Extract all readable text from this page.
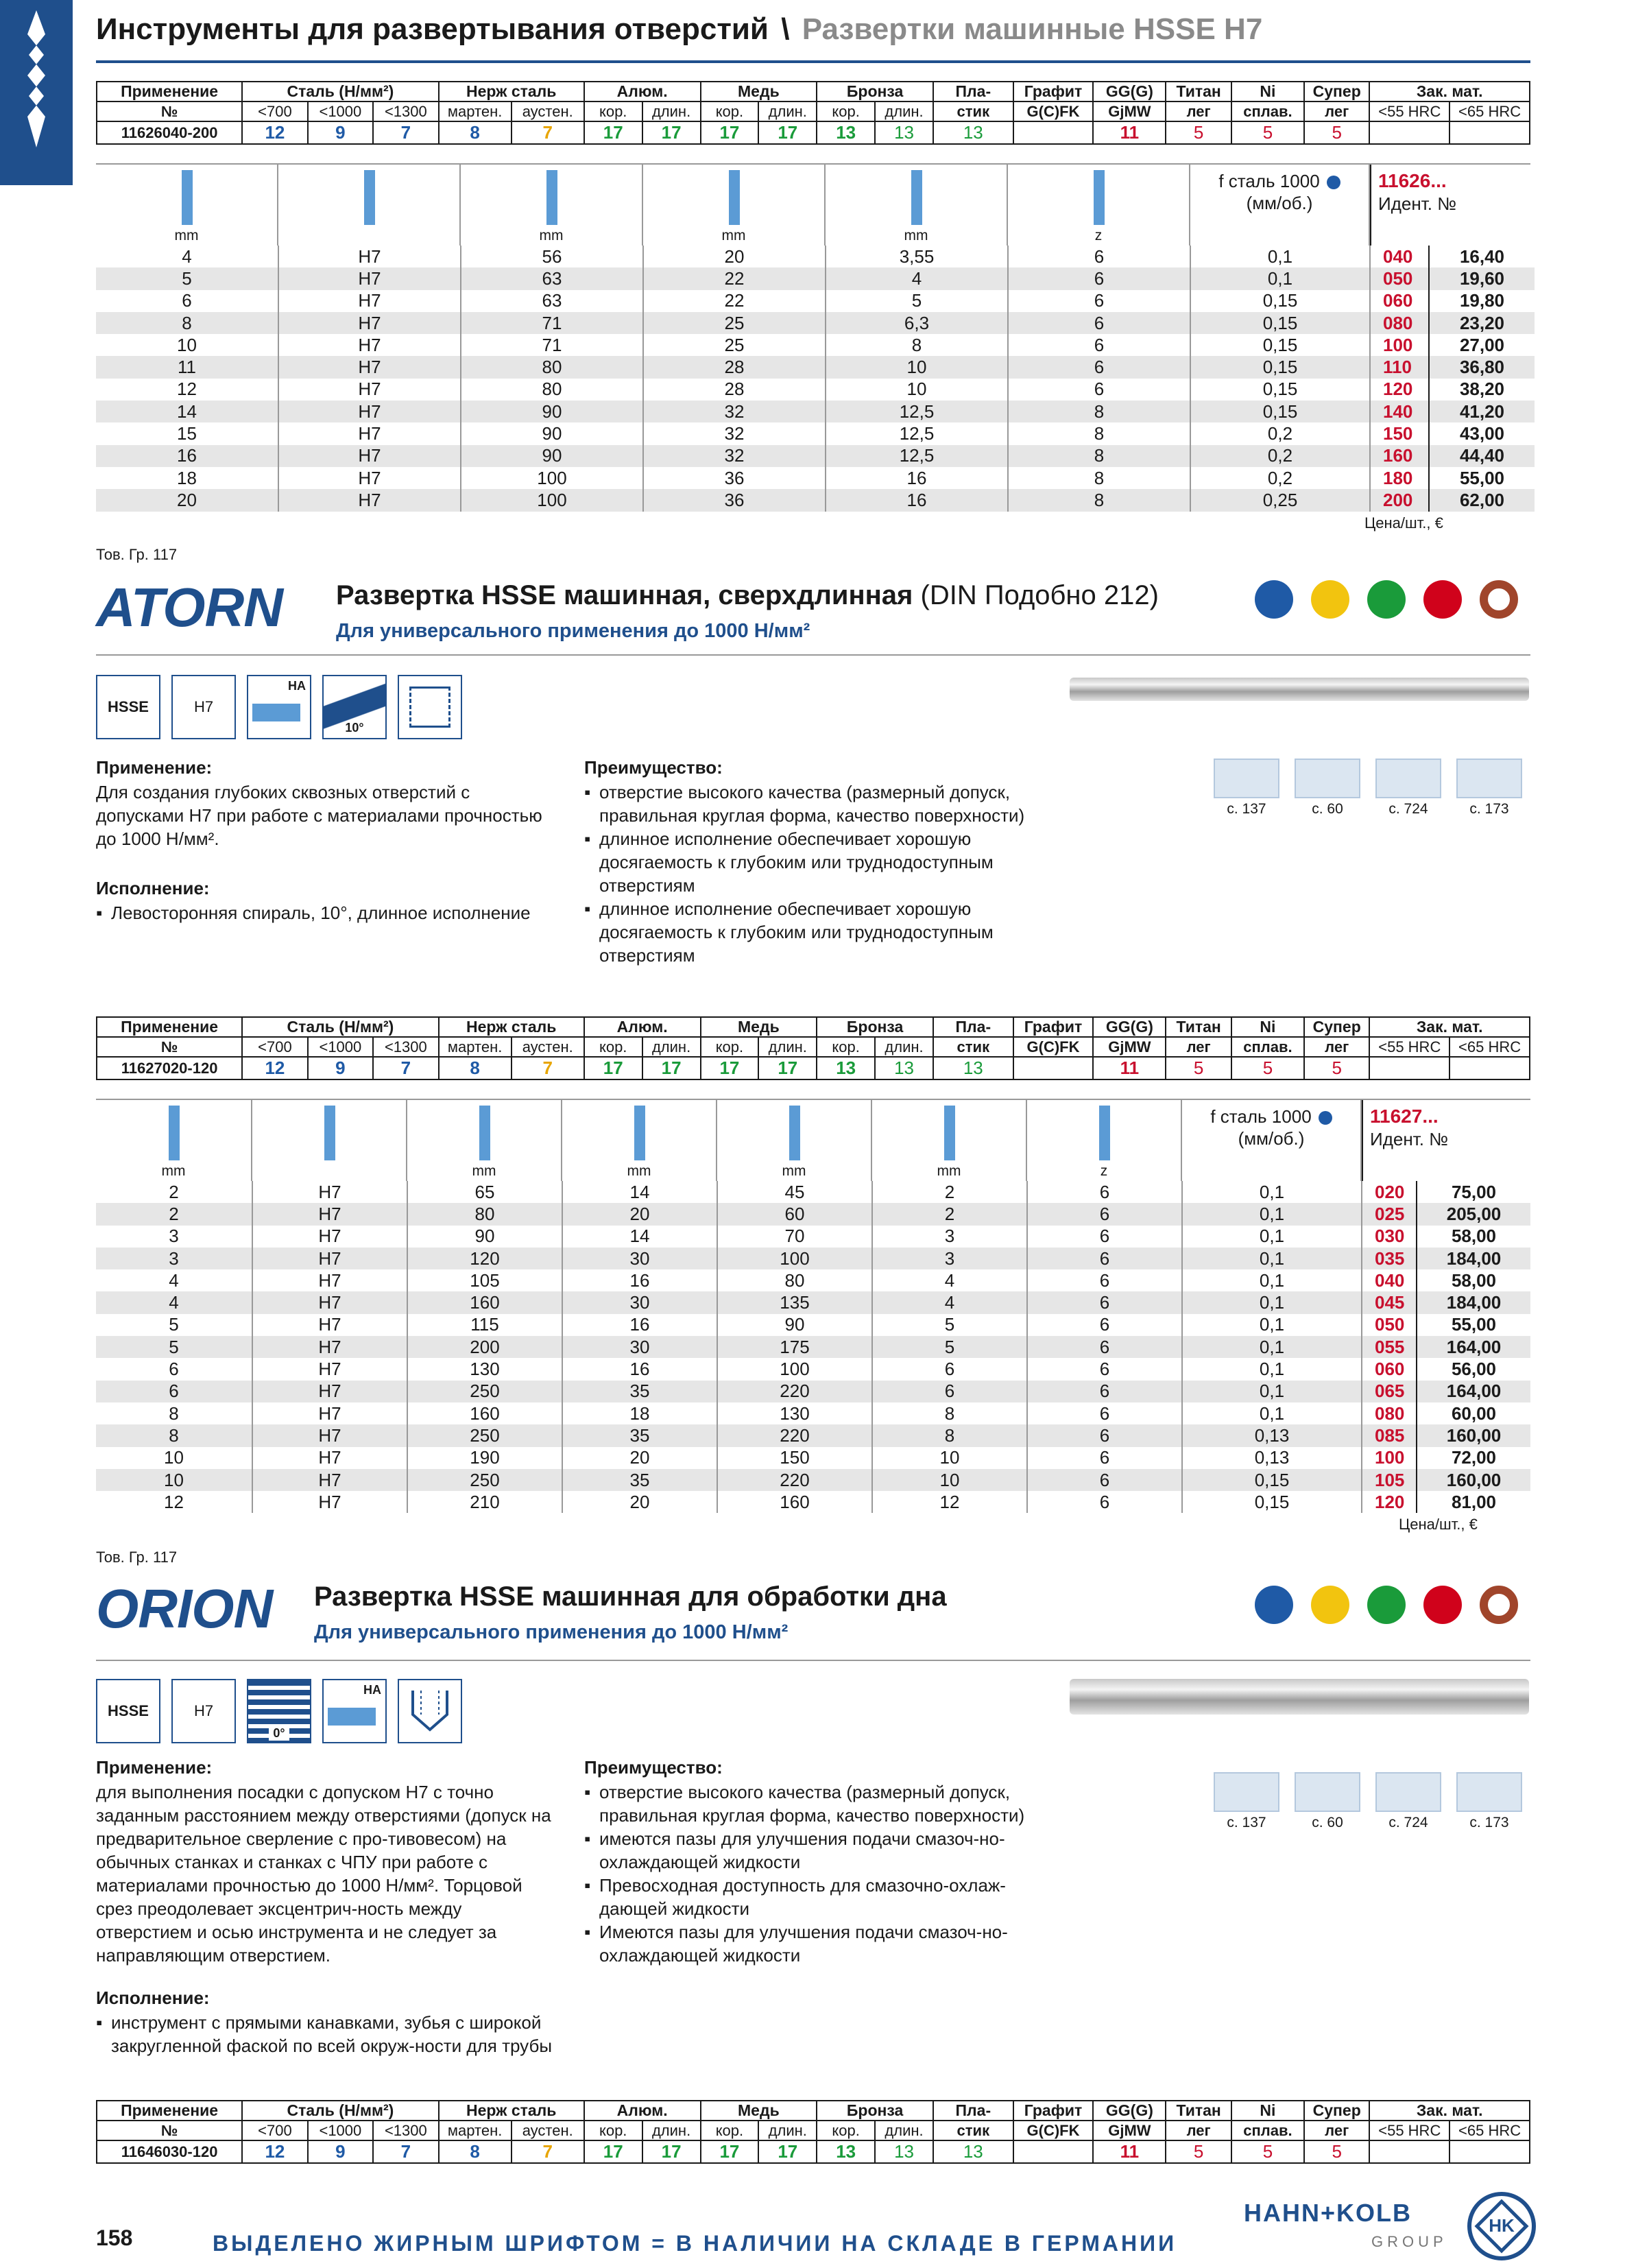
Инструменты для развертывания отверстий \ Развертки машинные HSSE H7
Применение	Сталь (Н/мм²)			Нерж сталь		Алюм.		Медь		Бронза		Пла-	Графит	GG(G)	Титан	Ni	Супер	Зак. мат.	
№	<700	<1000	<1300	мартен.	аустен.	кор.	длин.	кор.	длин.	кор.	длин.	стик	G(C)FK	GjMW	лег	сплав.	лег	<55 HRC	<65 HRC
11626040-200	12	9	7	8	7	17	17	17	17	13	13	13		11	5	5	5		
mm	mm	mm	mm	z
f сталь 1000
(мм/об.)
11626...
Идент. №
4	H7	56	20	3,55	6	0,1	040	16,40
5	H7	63	22	4	6	0,1	050	19,60
6	H7	63	22	5	6	0,15	060	19,80
8	H7	71	25	6,3	6	0,15	080	23,20
10	H7	71	25	8	6	0,15	100	27,00
11	H7	80	28	10	6	0,15	110	36,80
12	H7	80	28	10	6	0,15	120	38,20
14	H7	90	32	12,5	8	0,15	140	41,20
15	H7	90	32	12,5	8	0,2	150	43,00
16	H7	90	32	12,5	8	0,2	160	44,40
18	H7	100	36	16	8	0,2	180	55,00
20	H7	100	36	16	8	0,25	200	62,00
Цена/шт., €
Тов. Гр. 117
ATORN Развертка HSSE машинная, сверхдлинная (DIN Подобно 212)
Для универсального применения до 1000 Н/мм²
HSSE	H7
HA
10°
Применение:

Для создания глубоких сквозных отверстий с допусками H7 при работе с материалами прочностью до 1000 Н/мм².

Исполнение:
▪ Левосторонняя спираль, 10°, длинное исполнение
Преимущество:
▪ отверстие высокого качества (размерный допуск, правильная круглая форма, качество поверхности)
▪ длинное исполнение обеспечивает хорошую досягаемость к глубоким или труднодоступным отверстиям
▪ длинное исполнение обеспечивает хорошую досягаемость к глубоким или труднодоступным отверстиям
с. 137	с. 60	с. 724	с. 173
Применение	Сталь (Н/мм²)			Нерж сталь		Алюм.		Медь		Бронза		Пла-	Графит	GG(G)	Титан	Ni	Супер	Зак. мат.	
№	<700	<1000	<1300	мартен.	аустен.	кор.	длин.	кор.	длин.	кор.	длин.	стик	G(C)FK	GjMW	лег	сплав.	лег	<55 HRC	<65 HRC
11627020-120	12	9	7	8	7	17	17	17	17	13	13	13		11	5	5	5		
mm	mm	mm	mm	mm	z
f сталь 1000
(мм/об.)
11627...
Идент. №
2	H7	65	14	45	2	6	0,1	020	75,00
2	H7	80	20	60	2	6	0,1	025	205,00
3	H7	90	14	70	3	6	0,1	030	58,00
3	H7	120	30	100	3	6	0,1	035	184,00
4	H7	105	16	80	4	6	0,1	040	58,00
4	H7	160	30	135	4	6	0,1	045	184,00
5	H7	115	16	90	5	6	0,1	050	55,00
5	H7	200	30	175	5	6	0,1	055	164,00
6	H7	130	16	100	6	6	0,1	060	56,00
6	H7	250	35	220	6	6	0,1	065	164,00
8	H7	160	18	130	8	6	0,1	080	60,00
8	H7	250	35	220	8	6	0,13	085	160,00
10	H7	190	20	150	10	6	0,13	100	72,00
10	H7	250	35	220	10	6	0,15	105	160,00
12	H7	210	20	160	12	6	0,15	120	81,00
Цена/шт., €
Тов. Гр. 117
ORION Развертка HSSE машинная для обработки дна
Для универсального применения до 1000 Н/мм²
HSSE	H7
0°
HA
Применение:

для выполнения посадки с допуском H7 с точно заданным расстоянием между отверстиями (допуск на предварительное сверление с про-тивовесом) на обычных станках и станках с ЧПУ при работе с материалами прочностью до 1000 Н/мм². Торцовой срез преодолевает эксцентрич-ность между отверстием и осью инструмента и не следует за направляющим отверстием.

Исполнение:
▪ инструмент с прямыми канавками, зубья с широкой закругленной фаской по всей окруж-ности для трубы
Преимущество:
▪ отверстие высокого качества (размерный допуск, правильная круглая форма, качество поверхности)
▪ имеются пазы для улучшения подачи смазоч-но-охлаждающей жидкости
▪ Превосходная доступность для смазочно-охлаж-дающей жидкости
▪ Имеются пазы для улучшения подачи смазоч-но-охлаждающей жидкости
с. 137	с. 60	с. 724	с. 173
Применение	Сталь (Н/мм²)			Нерж сталь		Алюм.		Медь		Бронза		Пла-	Графит	GG(G)	Титан	Ni	Супер	Зак. мат.	
№	<700	<1000	<1300	мартен.	аустен.	кор.	длин.	кор.	длин.	кор.	длин.	стик	G(C)FK	GjMW	лег	сплав.	лег	<55 HRC	<65 HRC
11646030-120	12	9	7	8	7	17	17	17	17	13	13	13		11	5	5	5		
158	ВЫДЕЛЕНО ЖИРНЫМ ШРИФТОМ = В НАЛИЧИИ НА СКЛАДЕ В ГЕРМАНИИ
HAHN+KOLB
GROUP
HK
